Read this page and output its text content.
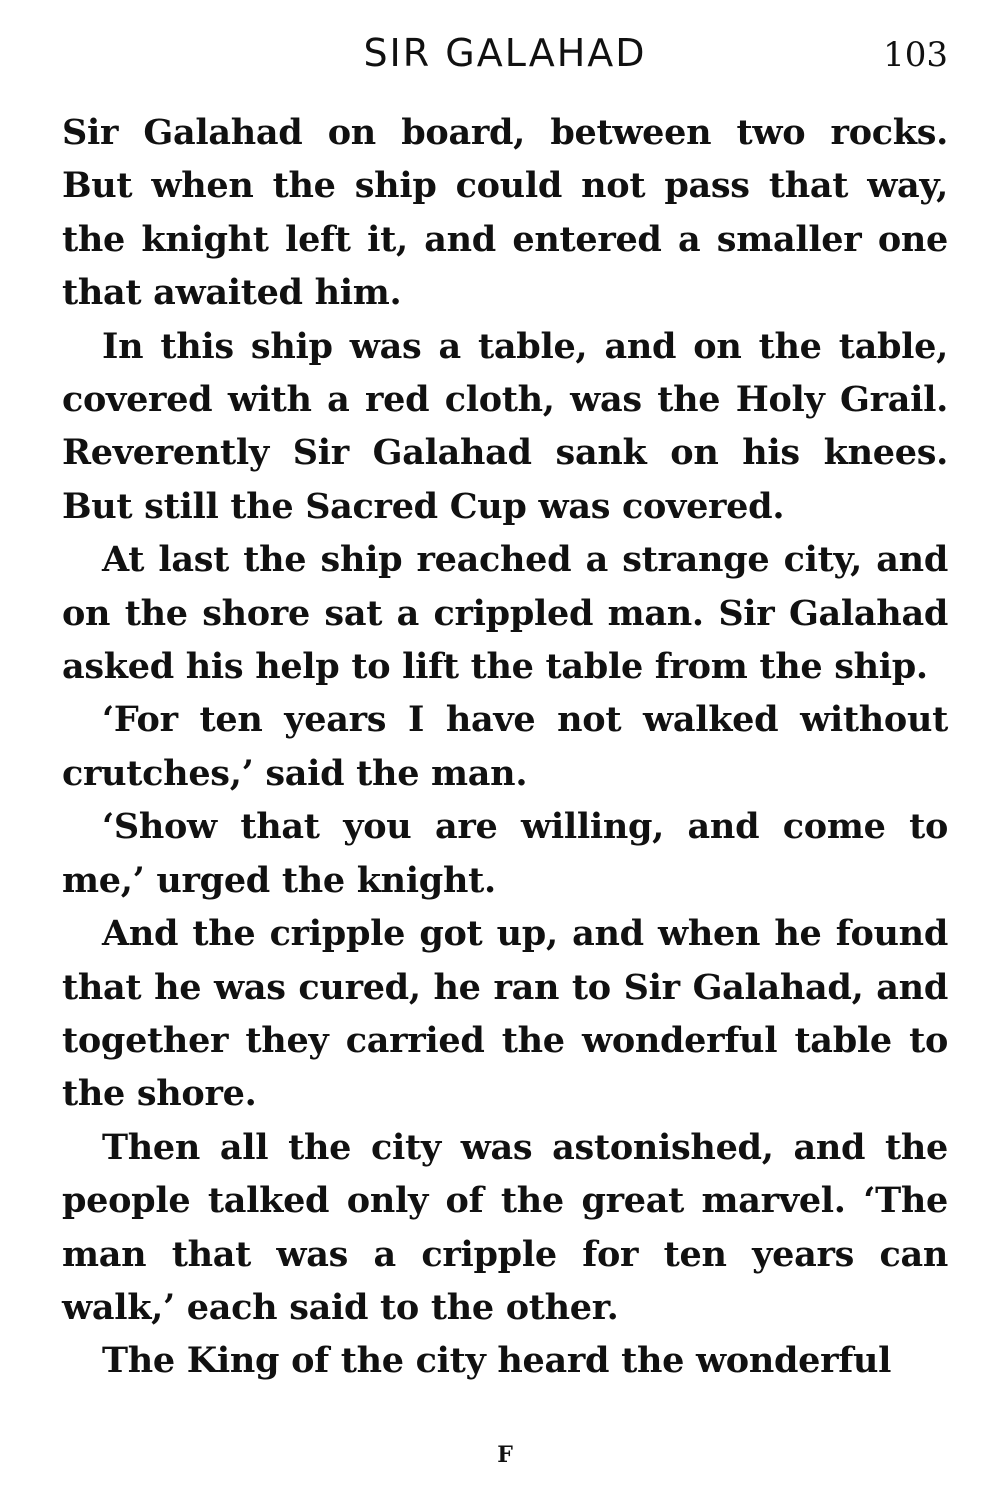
SIR GALAHAD	103

Sir Galahad on board, between two rocks. But when the ship could not pass that way, the knight left it, and entered a smaller one that awaited him.

In this ship was a table, and on the table, covered with a red cloth, was the Holy Grail. Reverently Sir Galahad sank on his knees. But still the Sacred Cup was covered.

At last the ship reached a strange city, and on the shore sat a crippled man. Sir Galahad asked his help to lift the table from the ship.

‘For ten years I have not walked without crutches,’ said the man.

‘Show that you are willing, and come to me,’ urged the knight.

And the cripple got up, and when he found that he was cured, he ran to Sir Galahad, and together they carried the wonderful table to the shore.

Then all the city was astonished, and the people talked only of the great marvel. ‘The man that was a cripple for ten years can walk,’ each said to the other.

The King of the city heard the wonderful

F
